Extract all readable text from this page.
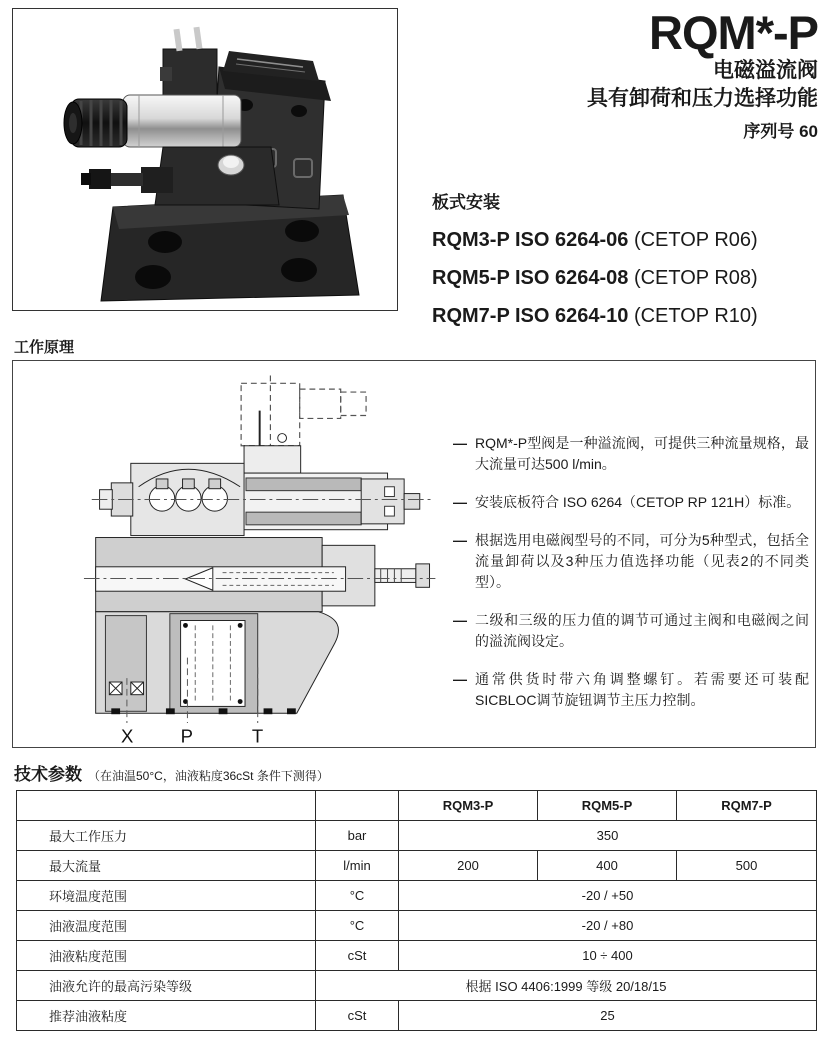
RQM*-P
电磁溢流阀
具有卸荷和压力选择功能
序列号 60
板式安装
RQM3-P ISO 6264-06 (CETOP R06)
RQM5-P ISO 6264-08 (CETOP R08)
RQM7-P ISO 6264-10 (CETOP R10)
工作原理
X P	T
— RQM*-P型阀是一种溢流阀，可提供三种流量规格，最大流量可达500 l/min。
— 安装底板符合 ISO 6264（CETOP RP 121H）标准。
— 根据选用电磁阀型号的不同，可分为5种型式，包括全流量卸荷以及3种压力值选择功能（见表2的不同类型）。
— 二级和三级的压力值的调节可通过主阀和电磁阀之间的溢流阀设定。
— 通常供货时带六角调整螺钉。若需要还可装配SICBLOC调节旋钮调节主压力控制。
技术参数 （在油温50°C，油液粘度36cSt 条件下测得）
		RQM3-P	RQM5-P	RQM7-P
最大工作压力	bar	350		
最大流量	l/min	200	400	500
环境温度范围	°C	-20 / +50		
油液温度范围	°C	-20 / +80		
油液粘度范围	cSt	10 ÷ 400		
油液允许的最高污染等级	根据 ISO 4406:1999 等级 20/18/15			
推荐油液粘度	cSt	25		
